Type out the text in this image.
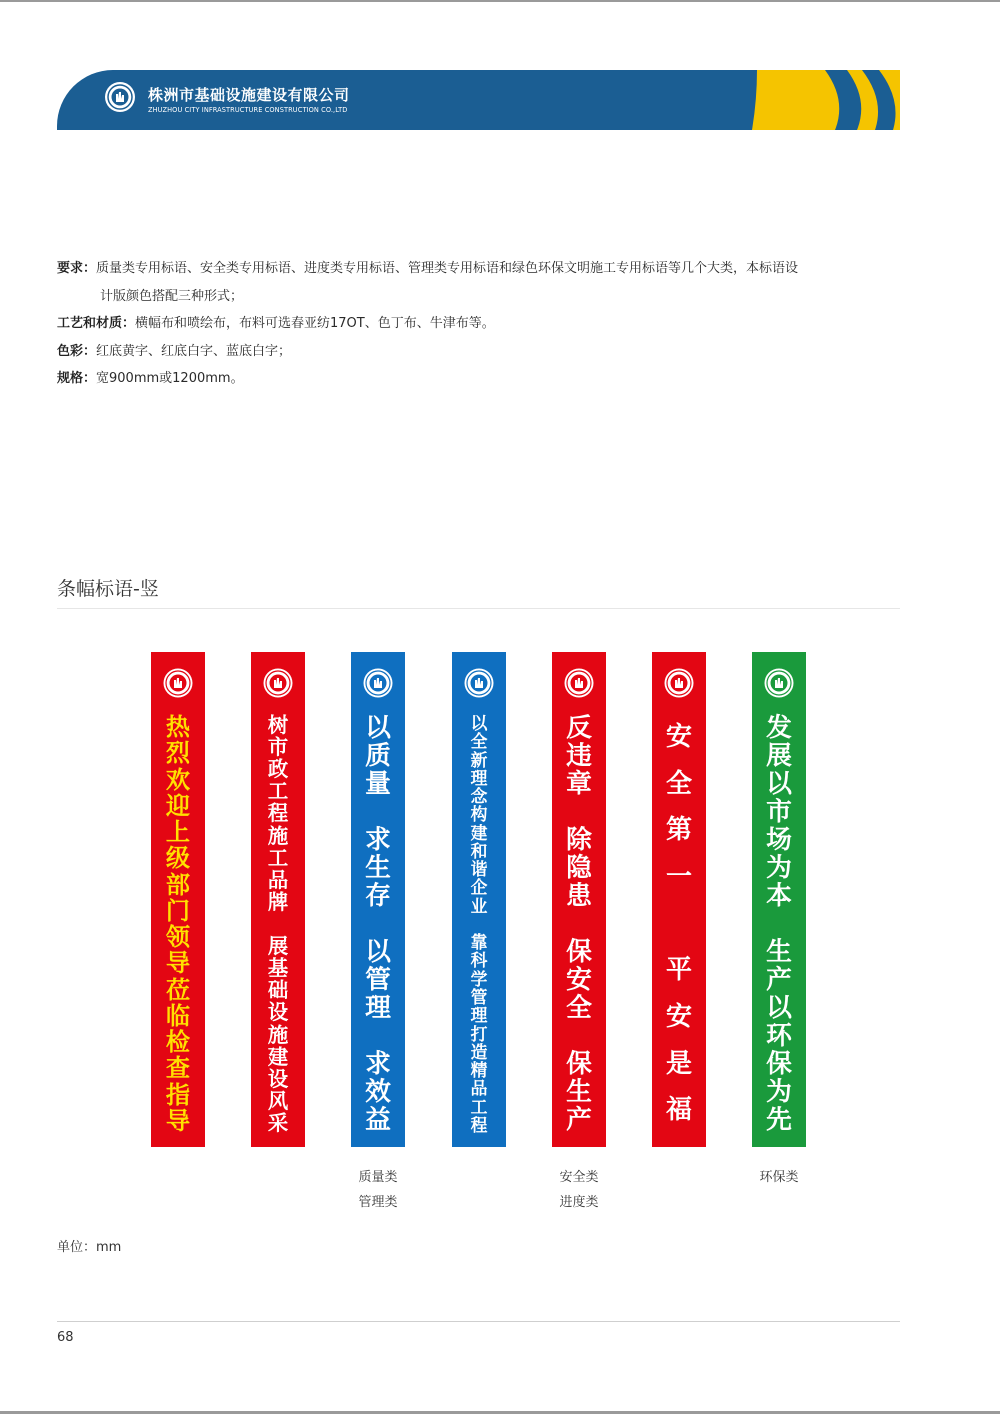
株洲市基础设施建设有限公司
ZHUZHOU CITY INFRASTRUCTURE CONSTRUCTION CO.,LTD
要求：质量类专用标语、安全类专用标语、进度类专用标语、管理类专用标语和绿色环保文明施工专用标语等几个大类，本标语设
计版颜色搭配三种形式；
工艺和材质：横幅布和喷绘布，布料可选春亚纺17OT、色丁布、牛津布等。
色彩：红底黄字、红底白字、蓝底白字；
规格：宽900mm或1200mm。
条幅标语-竖
热
烈
欢
迎
上
级
部
门
领
导
莅
临
检
查
指
导
树
市
政
工
程
施
工
品
牌

展
基
础
设
施
建
设
风
采
以
质
量

求
生
存

以
管
理

求
效
益
以
全
新
理
念
构
建
和
谐
企
业

靠
科
学
管
理
打
造
精
品
工
程
反
违
章

除
隐
患

保
安
全

保
生
产
安
全
第
一

平
安
是
福
发
展
以
市
场
为
本

生
产
以
环
保
为
先
质量类
管理类
安全类
进度类
环保类
单位：mm
68
